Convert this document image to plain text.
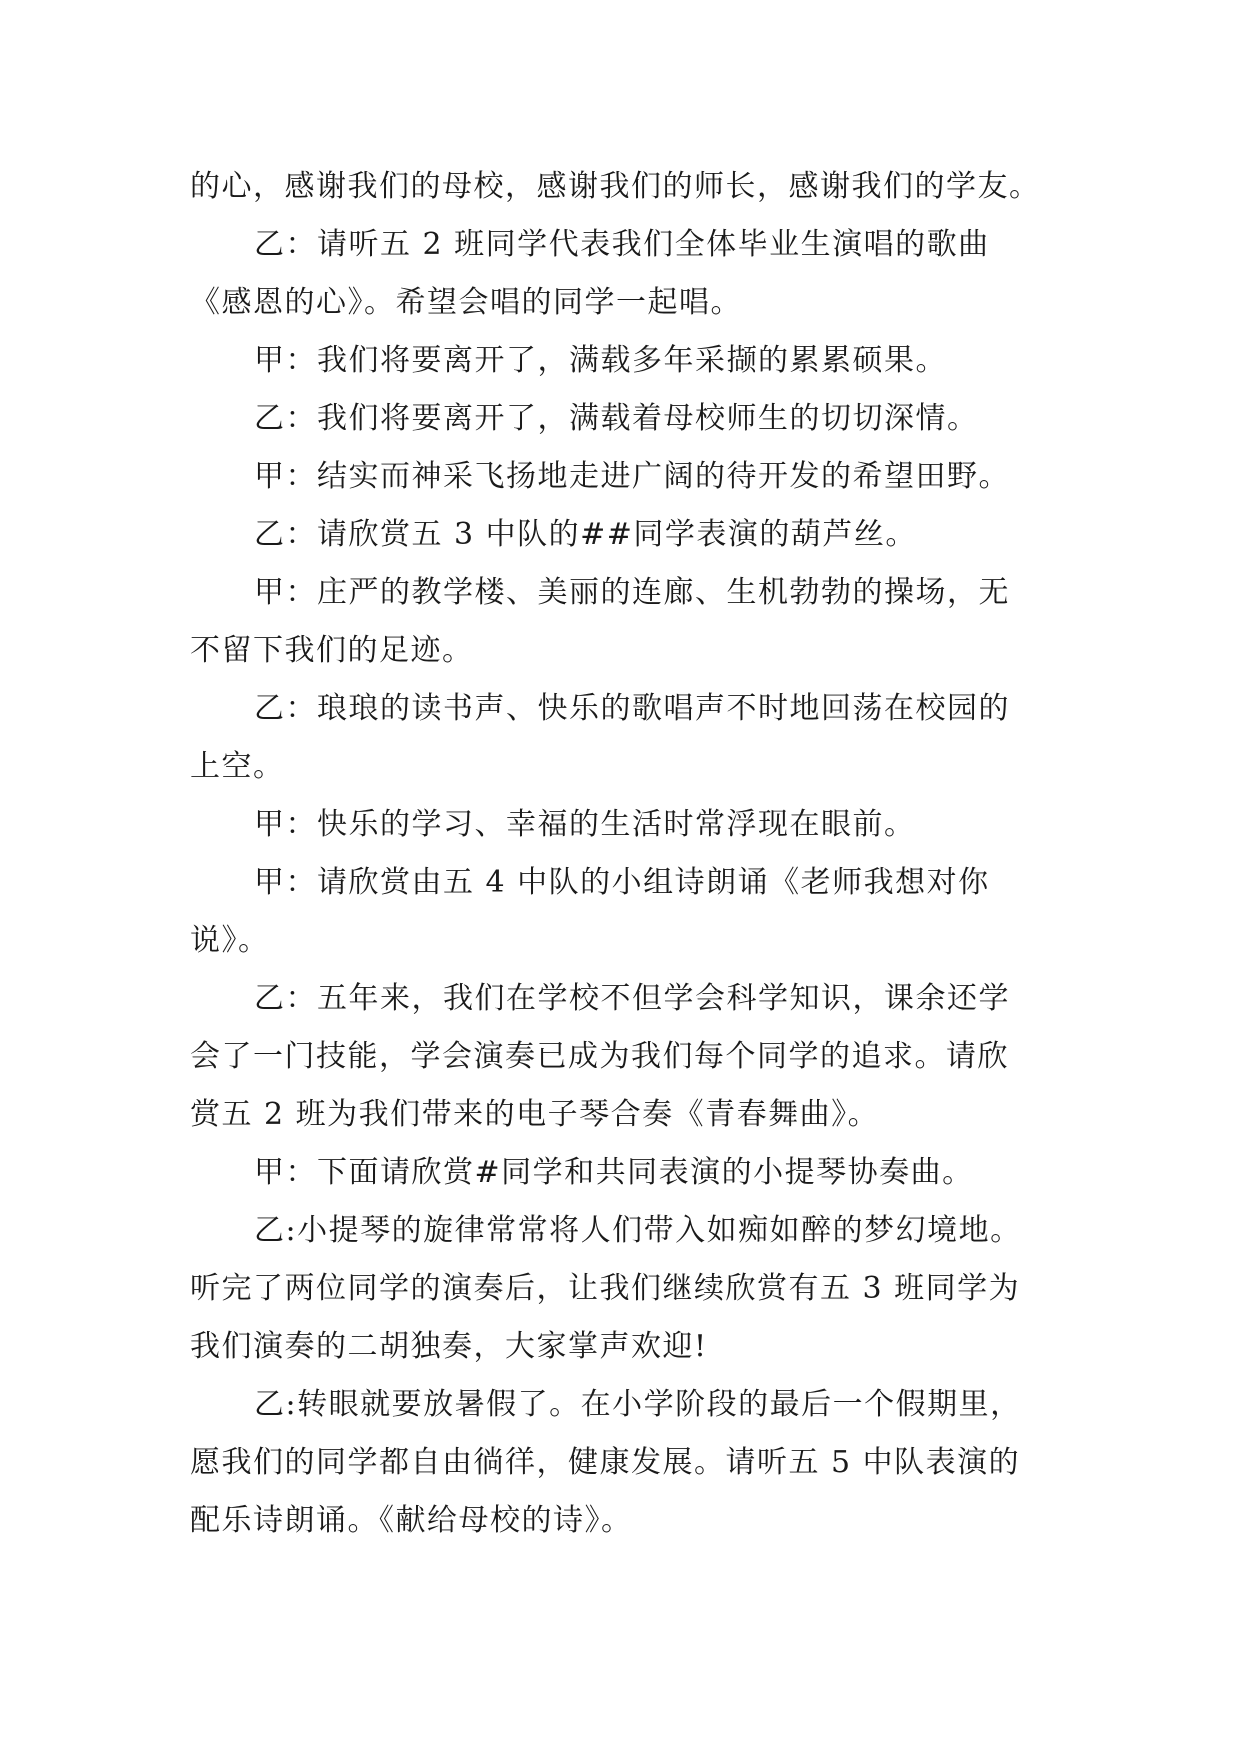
的心，感谢我们的母校，感谢我们的师长，感谢我们的学友。
乙：请听五 2 班同学代表我们全体毕业生演唱的歌曲
《感恩的心》。希望会唱的同学一起唱。
甲：我们将要离开了，满载多年采撷的累累硕果。
乙：我们将要离开了，满载着母校师生的切切深情。
甲：结实而神采飞扬地走进广阔的待开发的希望田野。
乙：请欣赏五 3 中队的##同学表演的葫芦丝。
甲：庄严的教学楼、美丽的连廊、生机勃勃的操场，无
不留下我们的足迹。
乙：琅琅的读书声、快乐的歌唱声不时地回荡在校园的
上空。
甲：快乐的学习、幸福的生活时常浮现在眼前。
甲：请欣赏由五 4 中队的小组诗朗诵《老师我想对你
说》。
乙：五年来，我们在学校不但学会科学知识，课余还学
会了一门技能，学会演奏已成为我们每个同学的追求。请欣
赏五 2 班为我们带来的电子琴合奏《青春舞曲》。
甲：下面请欣赏#同学和共同表演的小提琴协奏曲。
乙:小提琴的旋律常常将人们带入如痴如醉的梦幻境地。
听完了两位同学的演奏后，让我们继续欣赏有五 3 班同学为
我们演奏的二胡独奏，大家掌声欢迎!
乙:转眼就要放暑假了。在小学阶段的最后一个假期里，
愿我们的同学都自由徜徉，健康发展。请听五 5 中队表演的
配乐诗朗诵。《献给母校的诗》。
